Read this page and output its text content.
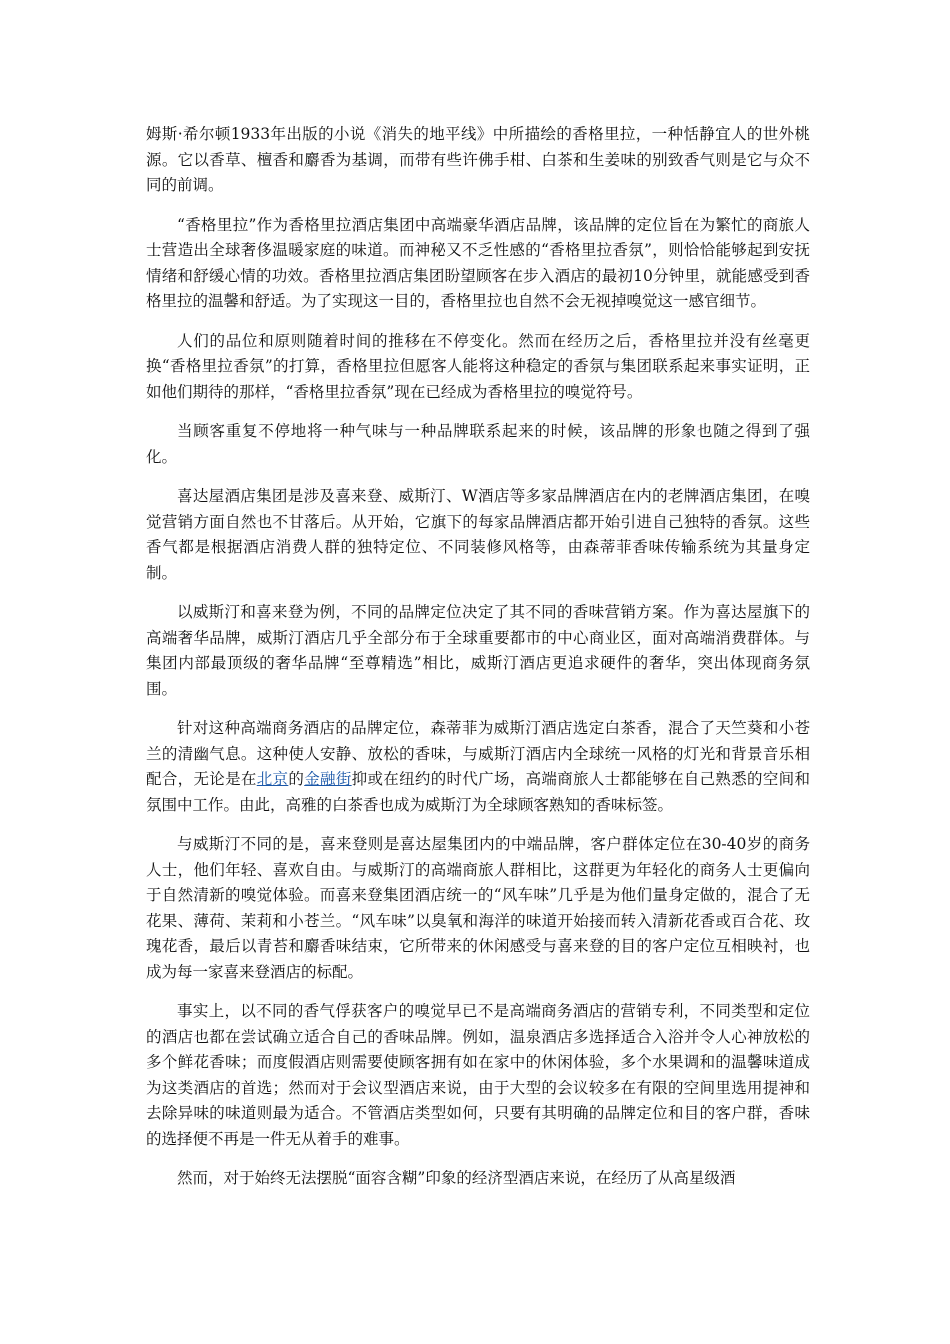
姆斯·希尔顿1933年出版的小说《消失的地平线》中所描绘的香格里拉，一种恬静宜人的世外桃源。它以香草、檀香和麝香为基调，而带有些许佛手柑、白茶和生姜味的别致香气则是它与众不同的前调。

“香格里拉”作为香格里拉酒店集团中高端豪华酒店品牌，该品牌的定位旨在为繁忙的商旅人士营造出全球奢侈温暖家庭的味道。而神秘又不乏性感的“香格里拉香氛”，则恰恰能够起到安抚情绪和舒缓心情的功效。香格里拉酒店集团盼望顾客在步入酒店的最初10分钟里，就能感受到香格里拉的温馨和舒适。为了实现这一目的，香格里拉也自然不会无视掉嗅觉这一感官细节。

人们的品位和原则随着时间的推移在不停变化。然而在经历之后，香格里拉并没有丝毫更换“香格里拉香氛”的打算，香格里拉但愿客人能将这种稳定的香氛与集团联系起来事实证明，正如他们期待的那样，“香格里拉香氛”现在已经成为香格里拉的嗅觉符号。

当顾客重复不停地将一种气味与一种品牌联系起来的时候，该品牌的形象也随之得到了强化。

喜达屋酒店集团是涉及喜来登、威斯汀、W酒店等多家品牌酒店在内的老牌酒店集团，在嗅觉营销方面自然也不甘落后。从开始，它旗下的每家品牌酒店都开始引进自己独特的香氛。这些香气都是根据酒店消费人群的独特定位、不同装修风格等，由森蒂菲香味传输系统为其量身定制。

以威斯汀和喜来登为例，不同的品牌定位决定了其不同的香味营销方案。作为喜达屋旗下的高端奢华品牌，威斯汀酒店几乎全部分布于全球重要都市的中心商业区，面对高端消费群体。与集团内部最顶级的奢华品牌“至尊精选”相比，威斯汀酒店更追求硬件的奢华，突出体现商务氛围。

针对这种高端商务酒店的品牌定位，森蒂菲为威斯汀酒店选定白茶香，混合了天竺葵和小苍兰的清幽气息。这种使人安静、放松的香味，与威斯汀酒店内全球统一风格的灯光和背景音乐相配合，无论是在北京的金融街抑或在纽约的时代广场，高端商旅人士都能够在自己熟悉的空间和氛围中工作。由此，高雅的白茶香也成为威斯汀为全球顾客熟知的香味标签。

与威斯汀不同的是，喜来登则是喜达屋集团内的中端品牌，客户群体定位在30-40岁的商务人士，他们年轻、喜欢自由。与威斯汀的高端商旅人群相比，这群更为年轻化的商务人士更偏向于自然清新的嗅觉体验。而喜来登集团酒店统一的“风车味”几乎是为他们量身定做的，混合了无花果、薄荷、茉莉和小苍兰。“风车味”以臭氧和海洋的味道开始接而转入清新花香或百合花、玫瑰花香，最后以青苔和麝香味结束，它所带来的休闲感受与喜来登的目的客户定位互相映衬，也成为每一家喜来登酒店的标配。

事实上，以不同的香气俘获客户的嗅觉早已不是高端商务酒店的营销专利，不同类型和定位的酒店也都在尝试确立适合自己的香味品牌。例如，温泉酒店多选择适合入浴并令人心神放松的多个鲜花香味；而度假酒店则需要使顾客拥有如在家中的休闲体验，多个水果调和的温馨味道成为这类酒店的首选；然而对于会议型酒店来说，由于大型的会议较多在有限的空间里选用提神和去除异味的味道则最为适合。不管酒店类型如何，只要有其明确的品牌定位和目的客户群，香味的选择便不再是一件无从着手的难事。

然而，对于始终无法摆脱“面容含糊”印象的经济型酒店来说，在经历了从高星级酒
